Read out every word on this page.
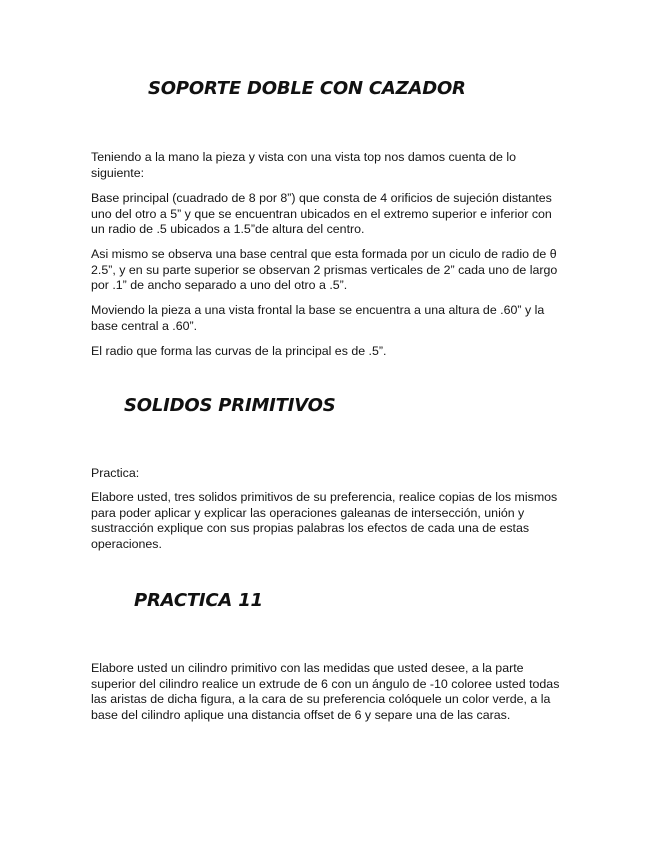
SOPORTE DOBLE CON CAZADOR

Teniendo a la mano la pieza y vista con una vista top nos damos cuenta de lo siguiente:

Base principal (cuadrado de 8 por 8”) que consta de 4 orificios de sujeción distantes uno del otro a 5” y que se encuentran ubicados en el extremo superior e inferior con un radio de .5 ubicados a 1.5”de altura del centro.

Asi mismo se observa una base central que esta formada por un ciculo de radio de θ 2.5”, y en su parte superior se observan 2 prismas verticales de 2” cada uno de largo por .1” de ancho separado a uno del otro a .5”.

Moviendo la pieza a una vista frontal la base se encuentra a una altura de .60” y la base central a .60”.

El radio que forma las curvas de la principal es de .5”.

SOLIDOS PRIMITIVOS

Practica:

Elabore usted, tres solidos primitivos de su preferencia, realice copias de los mismos para poder aplicar y explicar las operaciones galeanas de intersección, unión y sustracción explique con sus propias palabras los efectos de cada una de estas operaciones.

PRACTICA 11

Elabore usted un cilindro primitivo con las medidas que usted desee, a la parte superior del cilindro realice un extrude de 6 con un ángulo de -10 coloree usted todas las aristas de dicha figura, a la cara de su preferencia colóquele un color verde, a la base del cilindro aplique una distancia offset de 6 y separe una de las caras.
